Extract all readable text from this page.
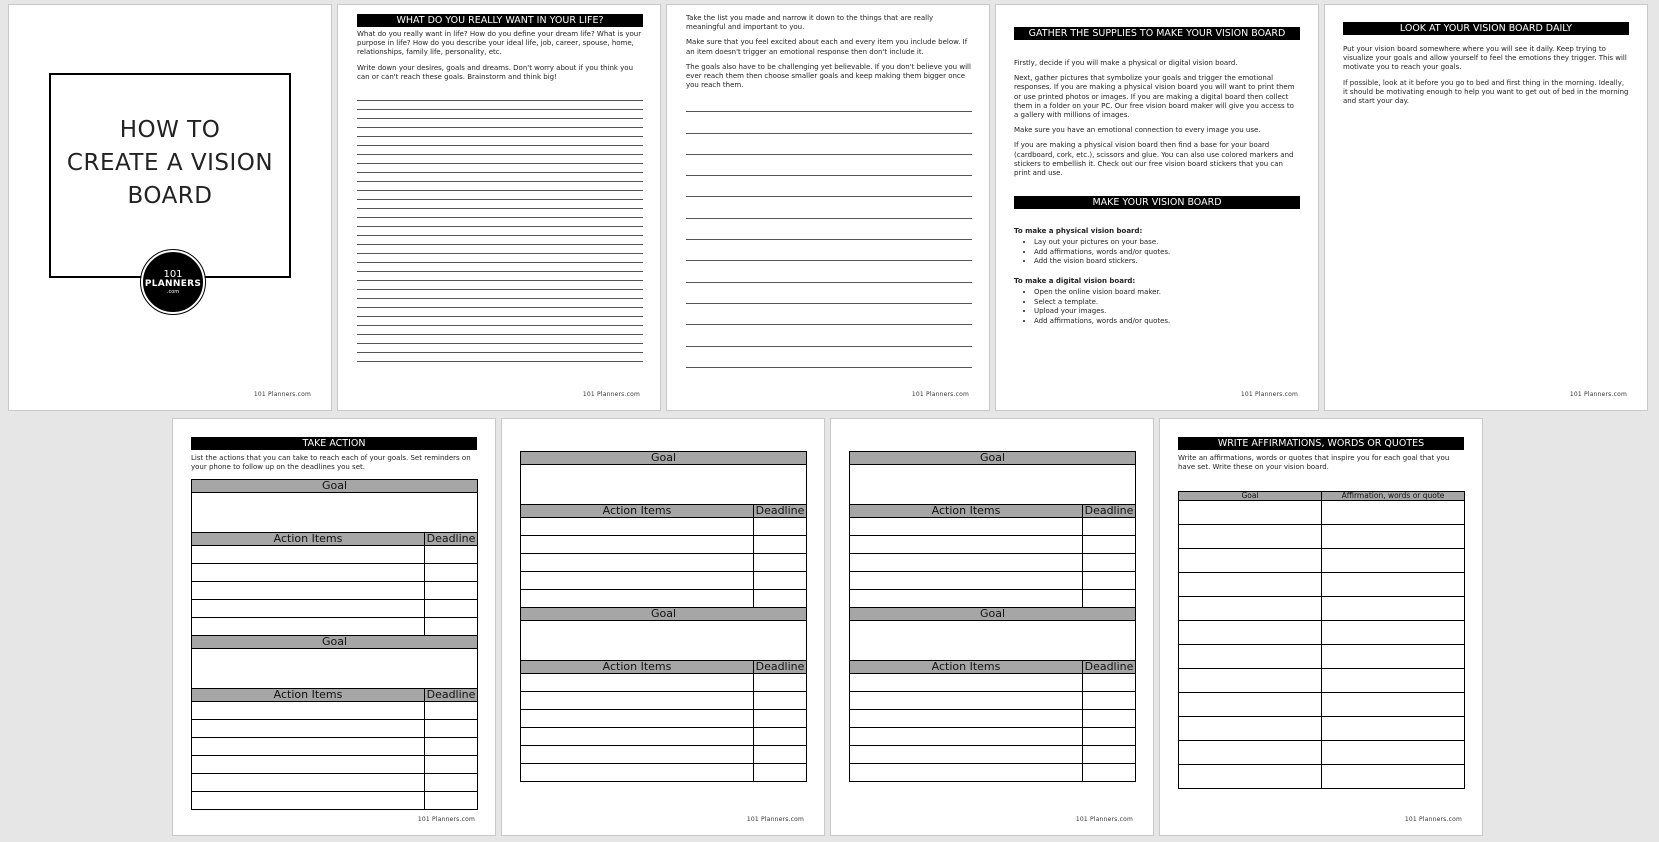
HOW TO
CREATE A VISION
BOARD
101
PLANNERS
.com
101 Planners.com
WHAT DO YOU REALLY WANT IN YOUR LIFE?

What do you really want in life? How do you define your dream life? What is your purpose in life? How do you describe your ideal life, job, career, spouse, home, relationships, family life, personality, etc.

Write down your desires, goals and dreams. Don't worry about if you think you can or can't reach these goals. Brainstorm and think big!

101 Planners.com

Take the list you made and narrow it down to the things that are really meaningful and important to you.

Make sure that you feel excited about each and every item you include below. If an item doesn't trigger an emotional response then don't include it.

The goals also have to be challenging yet believable. If you don't believe you will ever reach them then choose smaller goals and keep making them bigger once you reach them.

101 Planners.com
GATHER THE SUPPLIES TO MAKE YOUR VISION BOARD

Firstly, decide if you will make a physical or digital vision board.

Next, gather pictures that symbolize your goals and trigger the emotional responses. If you are making a physical vision board you will want to print them or use printed photos or images. If you are making a digital board then collect them in a folder on your PC. Our free vision board maker will give you access to a gallery with millions of images.

Make sure you have an emotional connection to every image you use.

If you are making a physical vision board then find a base for your board (cardboard, cork, etc.), scissors and glue. You can also use colored markers and stickers to embellish it. Check out our free vision board stickers that you can print and use.

MAKE YOUR VISION BOARD
To make a physical vision board:
• Lay out your pictures on your base.
• Add affirmations, words and/or quotes.
• Add the vision board stickers.
To make a digital vision board:
• Open the online vision board maker.
• Select a template.
• Upload your images.
• Add affirmations, words and/or quotes.
101 Planners.com
LOOK AT YOUR VISION BOARD DAILY

Put your vision board somewhere where you will see it daily. Keep trying to visualize your goals and allow yourself to feel the emotions they trigger. This will motivate you to reach your goals.

If possible, look at it before you go to bed and first thing in the morning. Ideally, it should be motivating enough to help you want to get out of bed in the morning and start your day.

101 Planners.com
TAKE ACTION

List the actions that you can take to reach each of your goals. Set reminders on your phone to follow up on the deadlines you set.

101 Planners.com
Goal	

Action Items	Deadline

Goal	

Action Items	Deadline

101 Planners.com
Goal	

Action Items	Deadline

Goal	

Action Items	Deadline

101 Planners.com
Goal	

Action Items	Deadline

Goal	

Action Items	Deadline

WRITE AFFIRMATIONS, WORDS OR QUOTES

Write an affirmations, words or quotes that inspire you for each goal that you have set. Write these on your vision board.

Goal	Affirmation, words or quote

101 Planners.com
